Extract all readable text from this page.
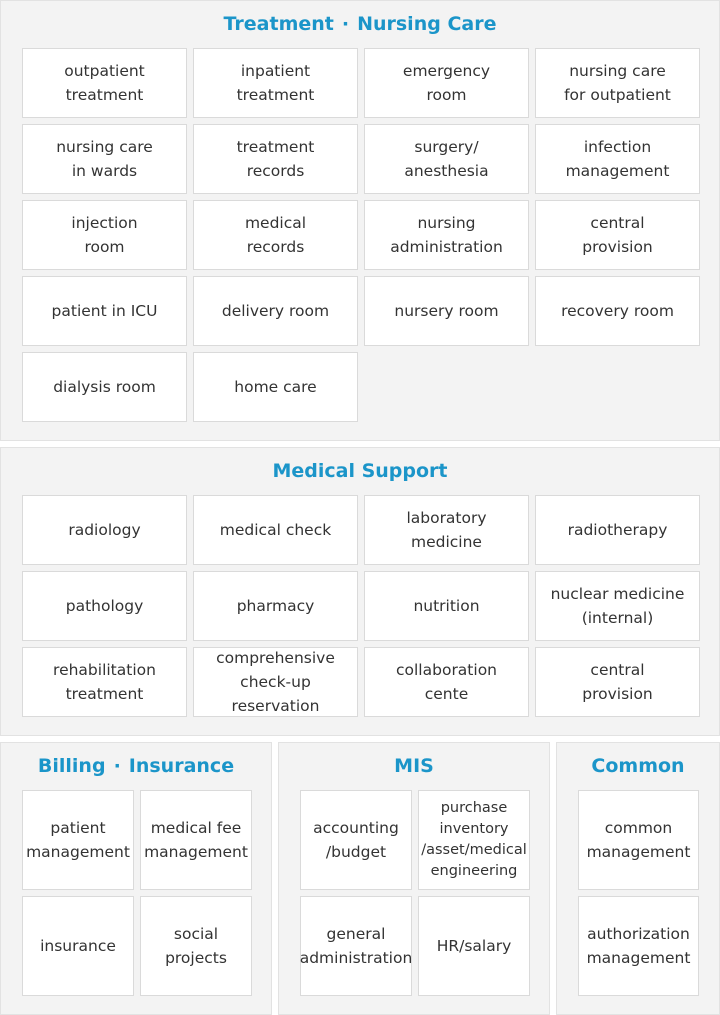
Treatment · Nursing Care
outpatient
treatment
inpatient
treatment
emergency
room
nursing care
for outpatient
nursing care
in wards
treatment
records
surgery/
anesthesia
infection
management
injection
room
medical
records
nursing
administration
central
provision
patient in ICU	delivery room	nursery room	recovery room
dialysis room	home care
Medical Support
radiology	medical check
laboratory
medicine
radiotherapy
pathology	pharmacy	nutrition
nuclear medicine
(internal)
rehabilitation
treatment
comprehensive
check-up reservation
collaboration
cente
central
provision
Billing · Insurance
patient
management
medical fee
management
insurance
social
projects
MIS
accounting
/budget
purchase
inventory
/asset/medical
engineering
general
administration
HR/salary
Common
common
management
authorization
management
